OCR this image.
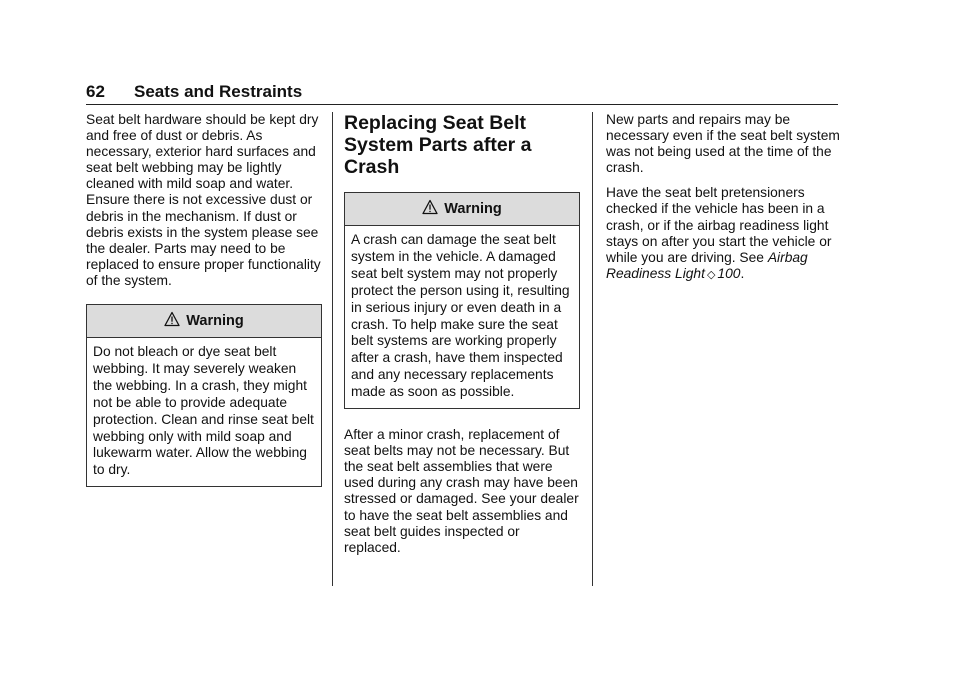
62 Seats and Restraints

Seat belt hardware should be kept dry and free of dust or debris. As necessary, exterior hard surfaces and seat belt webbing may be lightly cleaned with mild soap and water. Ensure there is not excessive dust or debris in the mechanism. If dust or debris exists in the system please see the dealer. Parts may need to be replaced to ensure proper functionality of the system.

Warning
Do not bleach or dye seat belt webbing. It may severely weaken the webbing. In a crash, they might not be able to provide adequate protection. Clean and rinse seat belt webbing only with mild soap and lukewarm water. Allow the webbing to dry.
Replacing Seat Belt System Parts after a Crash
Warning
A crash can damage the seat belt system in the vehicle. A damaged seat belt system may not properly protect the person using it, resulting in serious injury or even death in a crash. To help make sure the seat belt systems are working properly after a crash, have them inspected and any necessary replacements made as soon as possible.

After a minor crash, replacement of seat belts may not be necessary. But the seat belt assemblies that were used during any crash may have been stressed or damaged. See your dealer to have the seat belt assemblies and seat belt guides inspected or replaced.

New parts and repairs may be necessary even if the seat belt system was not being used at the time of the crash.

Have the seat belt pretensioners checked if the vehicle has been in a crash, or if the airbag readiness light stays on after you start the vehicle or while you are driving. See Airbag Readiness Light ◇ 100.
